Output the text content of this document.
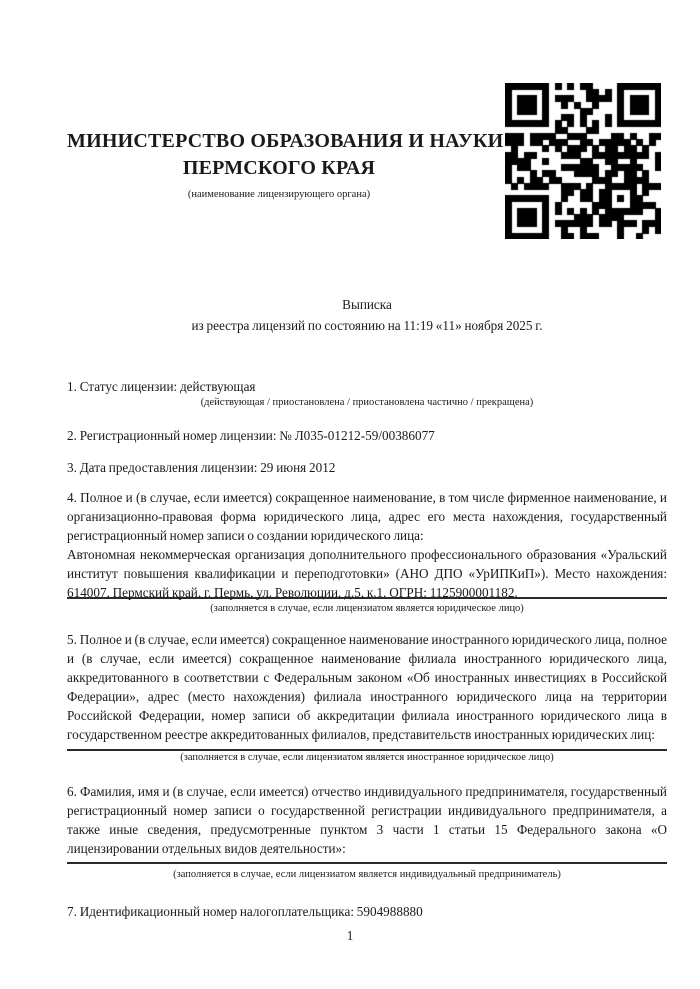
МИНИСТЕРСТВО ОБРАЗОВАНИЯ И НАУКИ
ПЕРМСКОГО КРАЯ
(наименование лицензирующего органа)
Выписка
из реестра лицензий по состоянию на 11:19 «11» ноября 2025 г.

1. Статус лицензии: действующая

(действующая / приостановлена / приостановлена частично / прекращена)

2. Регистрационный номер лицензии: № Л035-01212-59/00386077

3. Дата предоставления лицензии: 29 июня 2012

4. Полное и (в случае, если имеется) сокращенное наименование, в том числе фирменное наименование, и организационно-правовая форма юридического лица, адрес его места нахождения, государственный регистрационный номер записи о создании юридического лица:
Автономная некоммерческая организация дополнительного профессионального образования «Уральский институт повышения квалификации и переподготовки» (АНО ДПО «УрИПКиП»). Место нахождения: 614007, Пермский край, г. Пермь, ул. Революции, д.5, к.1. ОГРН: 1125900001182.
(заполняется в случае, если лицензиатом является юридическое лицо)
5. Полное и (в случае, если имеется) сокращенное наименование иностранного юридического лица, полное и (в случае, если имеется) сокращенное наименование филиала иностранного юридического лица, аккредитованного в соответствии с Федеральным законом «Об иностранных инвестициях в Российской Федерации», адрес (место нахождения) филиала иностранного юридического лица на территории Российской Федерации, номер записи об аккредитации филиала иностранного юридического лица в государственном реестре аккредитованных филиалов, представительств иностранных юридических лиц:
(заполняется в случае, если лицензиатом является иностранное юридическое лицо)
6. Фамилия, имя и (в случае, если имеется) отчество индивидуального предпринимателя, государственный регистрационный номер записи о государственной регистрации индивидуального предпринимателя, а также иные сведения, предусмотренные пунктом 3 части 1 статьи 15 Федерального закона «О лицензировании отдельных видов деятельности»:
(заполняется в случае, если лицензиатом является индивидуальный предприниматель)

7. Идентификационный номер налогоплательщика: 5904988880

1
